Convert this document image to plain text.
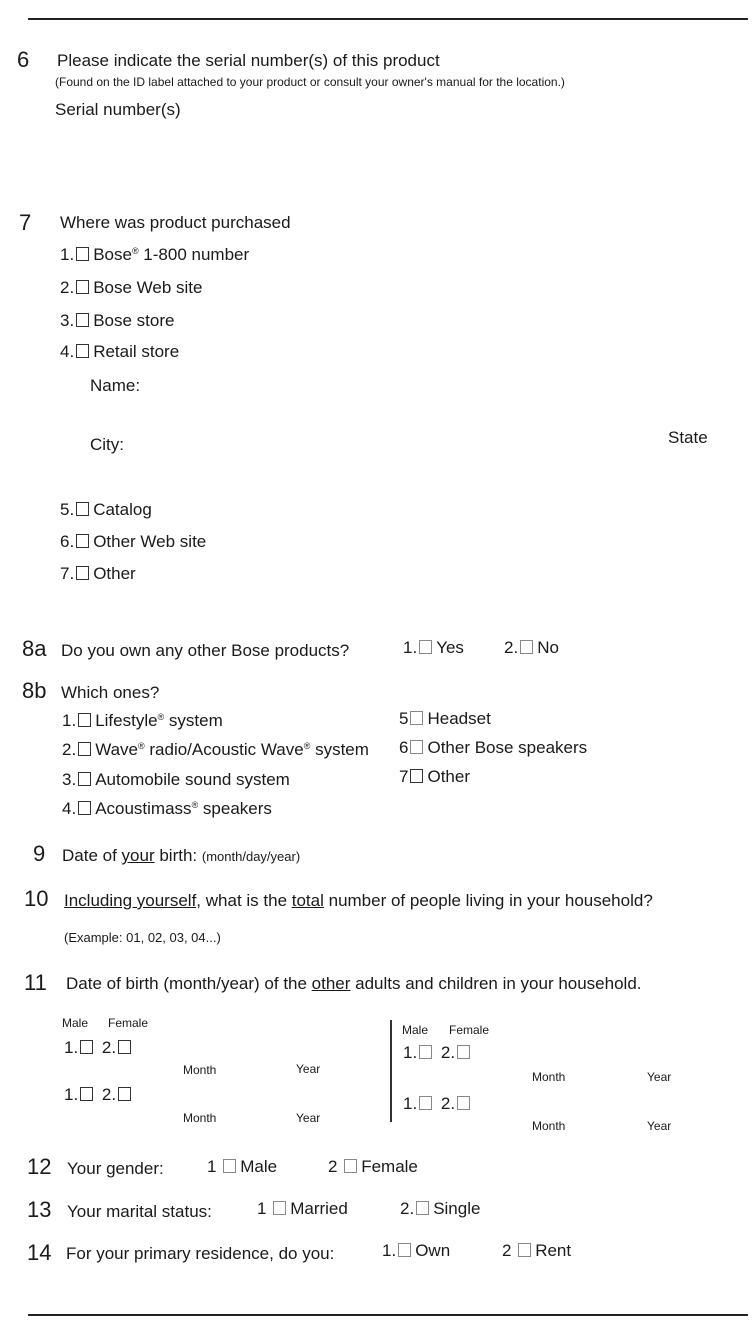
6 Please indicate the serial number(s) of this product
(Found on the ID label attached to your product or consult your owner's manual for the location.)
Serial number(s)
7 Where was product purchased
1. Bose® 1-800 number
2. Bose Web site
3. Bose store
4. Retail store
Name:
City:	State
5. Catalog
6. Other Web site
7. Other
8a Do you own any other Bose products?	1. Yes 2. No
8b Which ones?
1. Lifestyle® system
2. Wave® radio/Acoustic Wave® system
3. Automobile sound system
4. Acoustimass® speakers
5 Headset
6 Other Bose speakers
7 Other
9 Date of your birth: (month/day/year)
10 Including yourself, what is the total number of people living in your household?
(Example: 01, 02, 03, 04...)
11 Date of birth (month/year) of the other adults and children in your household.
Male Female
1. 2.
Month	Year
1. 2.
Month	Year
Male Female
1. 2.
Month	Year
1. 2.
Month	Year
12 Your gender:	1 Male	2 Female
13 Your marital status:	1 Married	2. Single
14 For your primary residence, do you:	1. Own	2 Rent
